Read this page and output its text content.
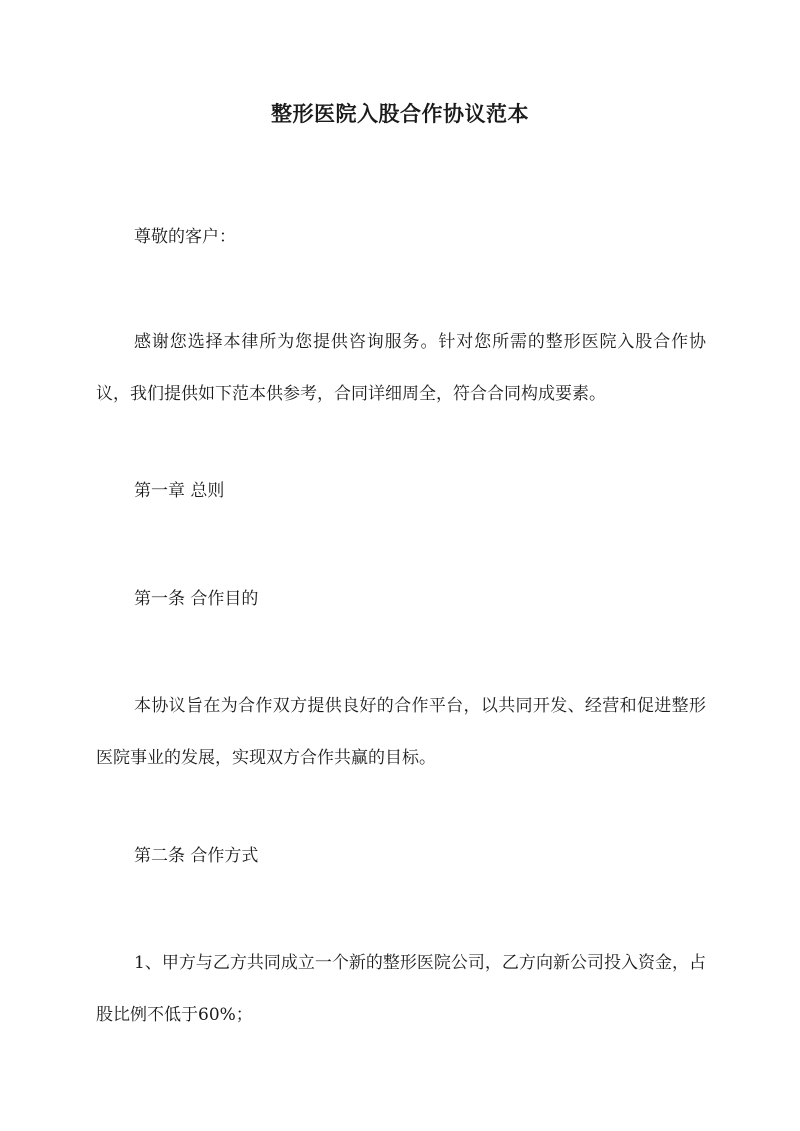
整形医院入股合作协议范本
尊敬的客户：
感谢您选择本律所为您提供咨询服务。针对您所需的整形医院入股合作协议，我们提供如下范本供参考，合同详细周全，符合合同构成要素。
第一章 总则
第一条 合作目的
本协议旨在为合作双方提供良好的合作平台，以共同开发、经营和促进整形医院事业的发展，实现双方合作共赢的目标。
第二条 合作方式
1、甲方与乙方共同成立一个新的整形医院公司，乙方向新公司投入资金，占股比例不低于60%；
